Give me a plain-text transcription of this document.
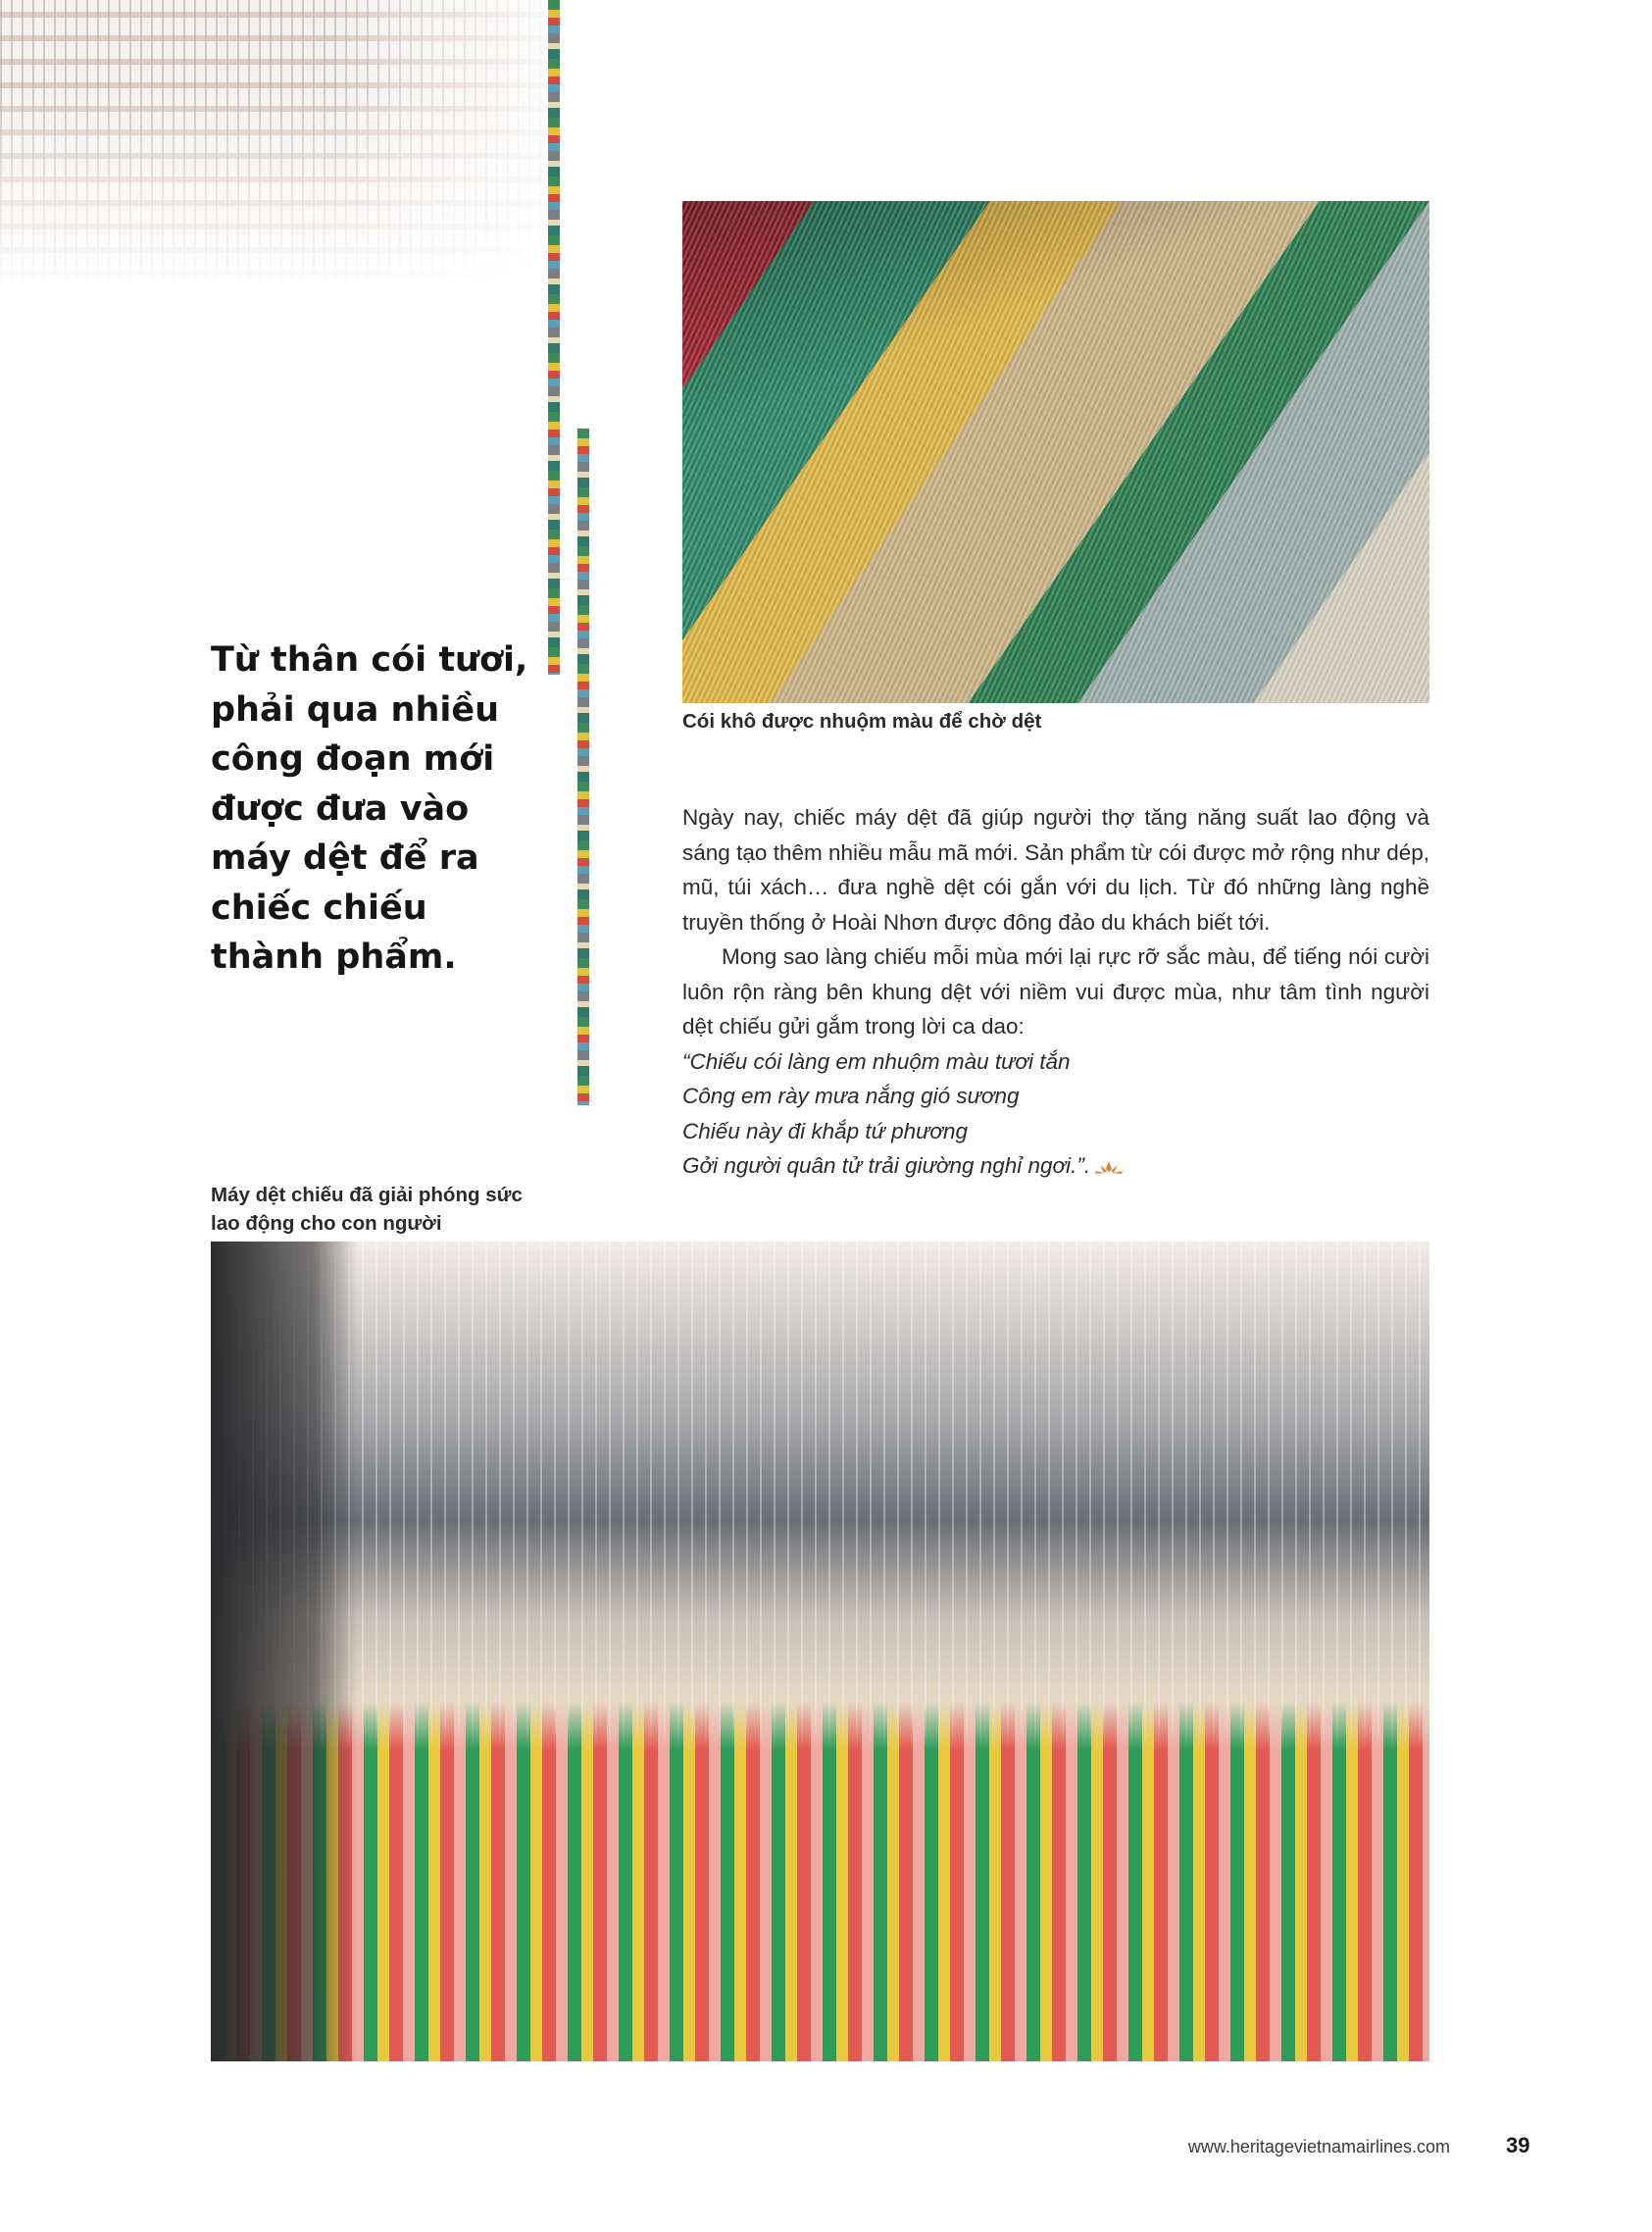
Cói khô được nhuộm màu để chờ dệt
Từ thân cói tươi, phải qua nhiều công đoạn mới được đưa vào máy dệt để ra chiếc chiếu thành phẩm.

Ngày nay, chiếc máy dệt đã giúp người thợ tăng năng suất lao động và sáng tạo thêm nhiều mẫu mã mới. Sản phẩm từ cói được mở rộng như dép, mũ, túi xách… đưa nghề dệt cói gắn với du lịch. Từ đó những làng nghề truyền thống ở Hoài Nhơn được đông đảo du khách biết tới.

Mong sao làng chiếu mỗi mùa mới lại rực rỡ sắc màu, để tiếng nói cười luôn rộn ràng bên khung dệt với niềm vui được mùa, như tâm tình người dệt chiếu gửi gắm trong lời ca dao:

“Chiếu cói làng em nhuộm màu tươi tắn

Công em rày mưa nắng gió sương

Chiếu này đi khắp tứ phương

Gởi người quân tử trải giường nghỉ ngơi.”.

Máy dệt chiếu đã giải phóng sức lao động cho con người
www.heritagevietnamairlines.com	39
